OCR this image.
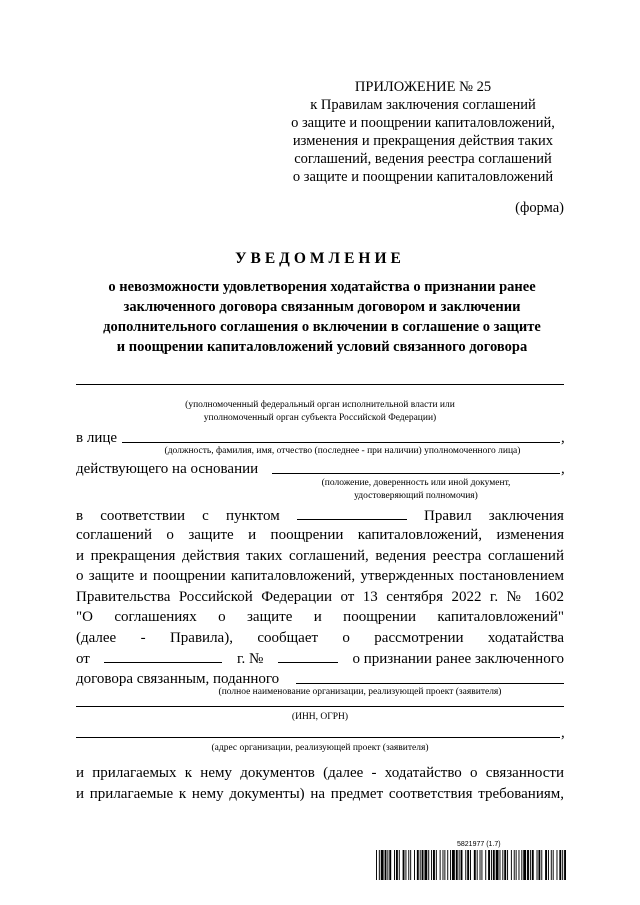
ПРИЛОЖЕНИЕ № 25
к Правилам заключения соглашений
о защите и поощрении капиталовложений,
изменения и прекращения действия таких
соглашений, ведения реестра соглашений
о защите и поощрении капиталовложений
(форма)
УВЕДОМЛЕНИЕ
о невозможности удовлетворения ходатайства о признании ранее
заключенного договора связанным договором и заключении
дополнительного соглашения о включении в соглашение о защите
и поощрении капиталовложений условий связанного договора
(уполномоченный федеральный орган исполнительной власти или
уполномоченный орган субъекта Российской Федерации)
в лице	,
(должность, фамилия, имя, отчество (последнее - при наличии) уполномоченного лица)
действующего на основании	,
(положение, доверенность или иной документ,
удостоверяющий полномочия)
в соответствии с пунктом	Правил заключения
соглашений о защите и поощрении капиталовложений, изменения
и прекращения действия таких соглашений, ведения реестра соглашений
о защите и поощрении капиталовложений, утвержденных постановлением
Правительства Российской Федерации от 13 сентября 2022 г. № 1602
"О соглашениях о защите и поощрении капиталовложений"
(далее - Правила), сообщает о рассмотрении ходатайства
от	г. №	о признании ранее заключенного
договора связанным, поданного
(полное наименование организации, реализующей проект (заявителя)
(ИНН, ОГРН)
,
(адрес организации, реализующей проект (заявителя)
и прилагаемых к нему документов (далее - ходатайство о связанности
и прилагаемые к нему документы) на предмет соответствия требованиям,
5821977 (1.7)
